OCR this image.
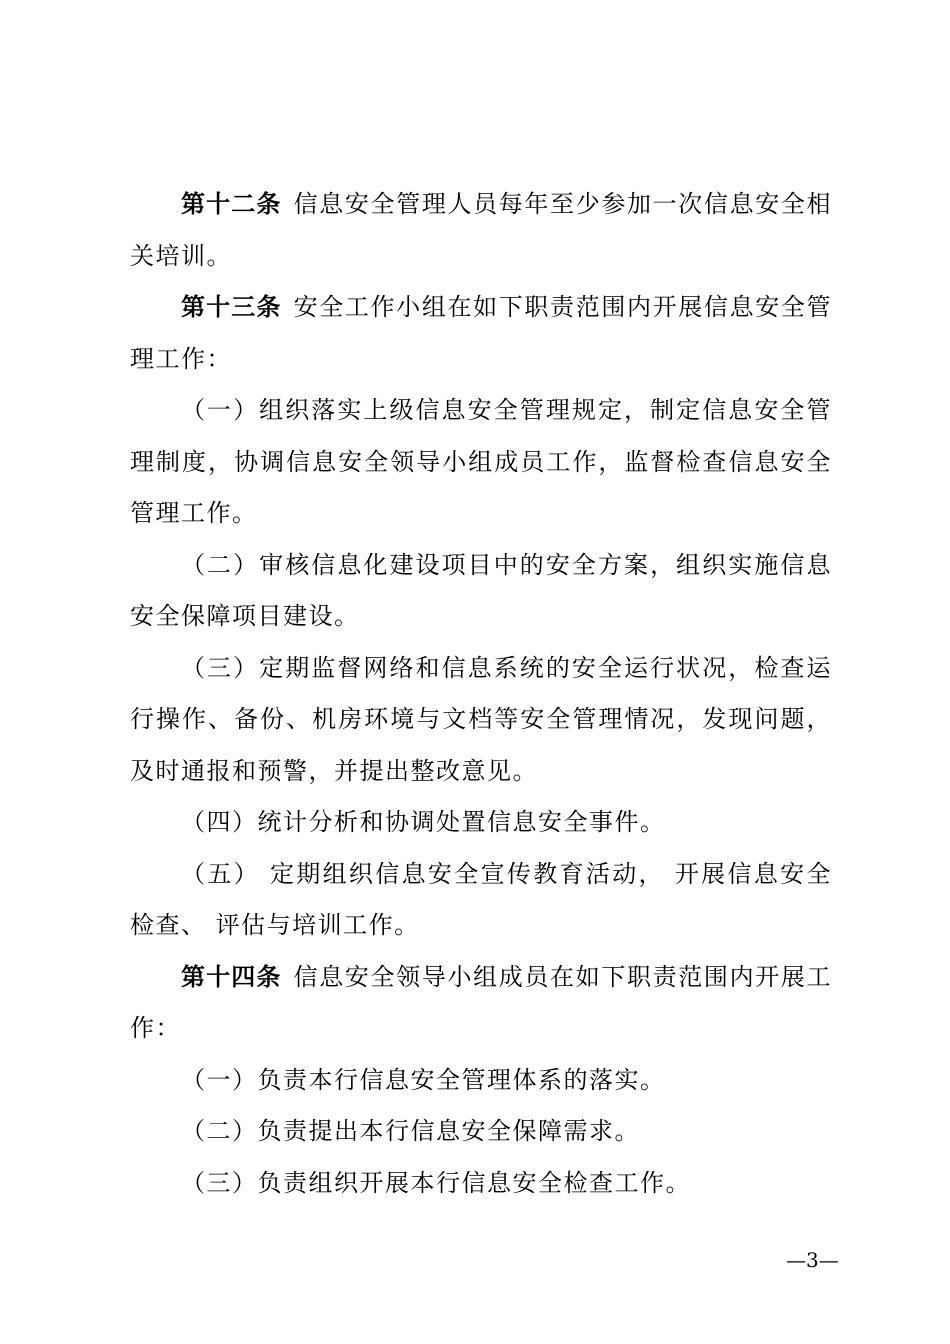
第十二条 信息安全管理人员每年至少参加一次信息安全相关培训。

第十三条 安全工作小组在如下职责范围内开展信息安全管理工作：

（一）组织落实上级信息安全管理规定，制定信息安全管理制度，协调信息安全领导小组成员工作，监督检查信息安全管理工作。

（二）审核信息化建设项目中的安全方案，组织实施信息安全保障项目建设。

（三）定期监督网络和信息系统的安全运行状况，检查运行操作、备份、机房环境与文档等安全管理情况，发现问题，及时通报和预警，并提出整改意见。

（四）统计分析和协调处置信息安全事件。

（五） 定期组织信息安全宣传教育活动， 开展信息安全检查、 评估与培训工作。

第十四条 信息安全领导小组成员在如下职责范围内开展工作：

（一）负责本行信息安全管理体系的落实。

（二）负责提出本行信息安全保障需求。

（三）负责组织开展本行信息安全检查工作。

—3—
